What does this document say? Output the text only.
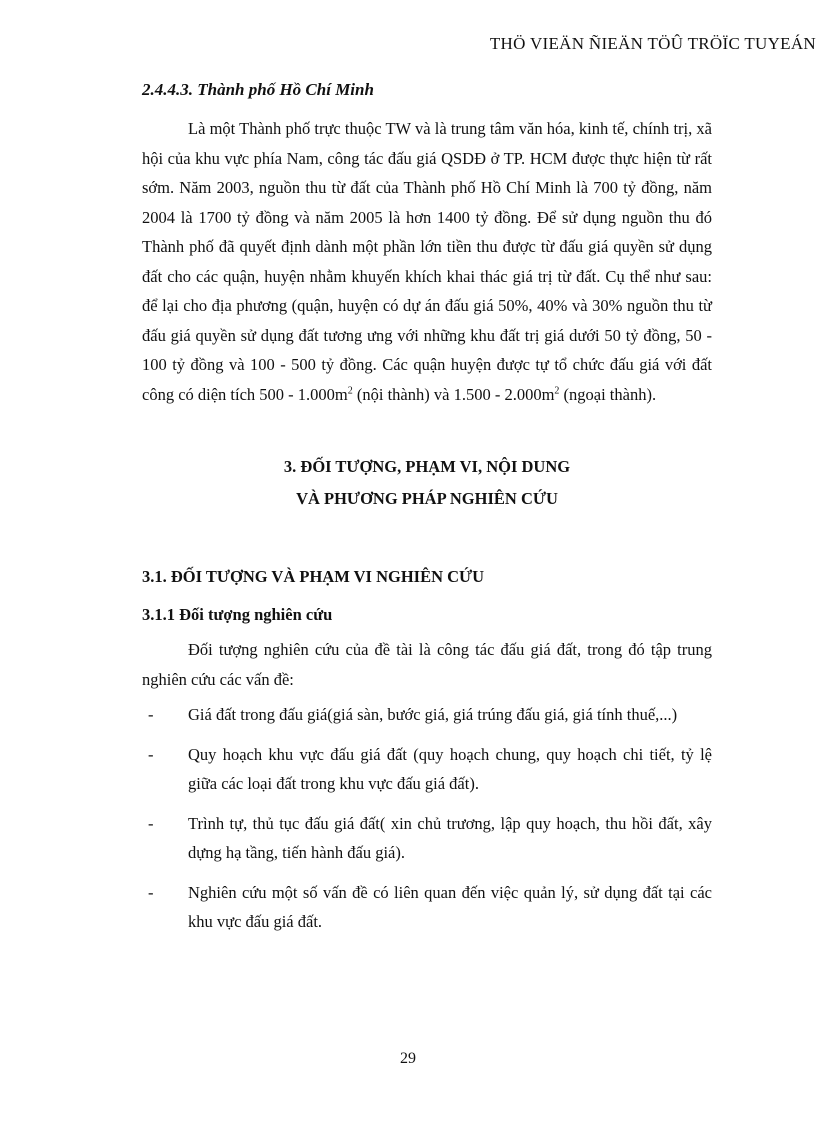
THÖ VIEÄN ÑIEÄN TÖÛ TRÖÏC TUYEÁN
2.4.4.3. Thành phố Hồ Chí Minh

Là một Thành phố trực thuộc TW và là trung tâm văn hóa, kinh tế, chính trị, xã hội của khu vực phía Nam, công tác đấu giá QSDĐ ở TP. HCM được thực hiện từ rất sớm. Năm 2003, nguồn thu từ đất của Thành phố Hồ Chí Minh là 700 tỷ đồng, năm 2004 là 1700 tỷ đồng và năm 2005 là hơn 1400 tỷ đồng. Để sử dụng nguồn thu đó Thành phố đã quyết định dành một phần lớn tiền thu được từ đấu giá quyền sử dụng đất cho các quận, huyện nhằm khuyến khích khai thác giá trị từ đất. Cụ thể như sau: để lại cho địa phương (quận, huyện có dự án đấu giá 50%, 40% và 30% nguồn thu từ đấu giá quyền sử dụng đất tương ưng với những khu đất trị giá dưới 50 tỷ đồng, 50 - 100 tỷ đồng và 100 - 500 tỷ đồng. Các quận huyện được tự tổ chức đấu giá với đất công có diện tích $500 - 1.000m^2$ (nội thành) và $1.500 - 2.000m^2$ (ngoại thành).

3. ĐỐI TƯỢNG, PHẠM VI, NỘI DUNG
VÀ PHƯƠNG PHÁP NGHIÊN CỨU
3.1. ĐỐI TƯỢNG VÀ PHẠM VI NGHIÊN CỨU
3.1.1 Đối tượng nghiên cứu

Đối tượng nghiên cứu của đề tài là công tác đấu giá đất, trong đó tập trung nghiên cứu các vấn đề:

- Giá đất trong đấu giá(giá sàn, bước giá, giá trúng đấu giá, giá tính thuế,...)
- Quy hoạch khu vực đấu giá đất (quy hoạch chung, quy hoạch chi tiết, tỷ lệ giữa các loại đất trong khu vực đấu giá đất).
- Trình tự, thủ tục đấu giá đất( xin chủ trương, lập quy hoạch, thu hồi đất, xây dựng hạ tầng, tiến hành đấu giá).
- Nghiên cứu một số vấn đề có liên quan đến việc quản lý, sử dụng đất tại các khu vực đấu giá đất.
29
